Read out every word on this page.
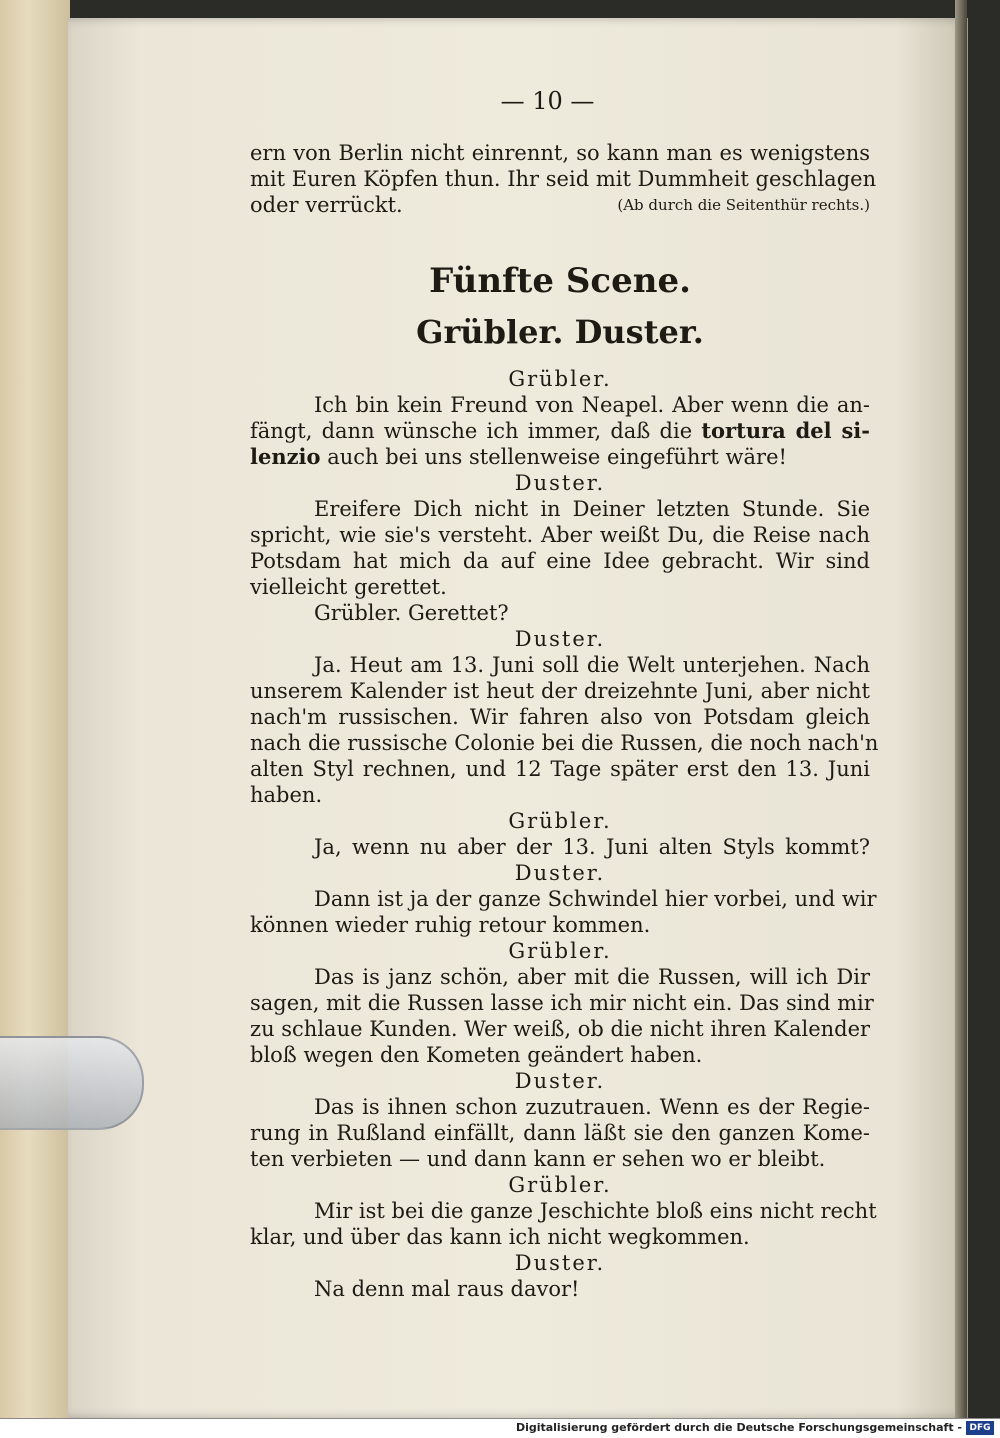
— 10 —
ern von Berlin nicht einrennt, so kann man es wenigstens
mit Euren Köpfen thun. Ihr seid mit Dummheit geschlagen
oder verrückt.	(Ab durch die Seitenthür rechts.)
Fünfte Scene.
Grübler. Duster.
Grübler.
Ich bin kein Freund von Neapel. Aber wenn die an-
fängt, dann wünsche ich immer, daß die tortura del si-
lenzio auch bei uns stellenweise eingeführt wäre!
Duster.
Ereifere Dich nicht in Deiner letzten Stunde. Sie
spricht, wie sie's versteht. Aber weißt Du, die Reise nach
Potsdam hat mich da auf eine Idee gebracht. Wir sind
vielleicht gerettet.
Grübler. Gerettet?
Duster.
Ja. Heut am 13. Juni soll die Welt unterjehen. Nach
unserem Kalender ist heut der dreizehnte Juni, aber nicht
nach'm russischen. Wir fahren also von Potsdam gleich
nach die russische Colonie bei die Russen, die noch nach'n
alten Styl rechnen, und 12 Tage später erst den 13. Juni
haben.
Grübler.
Ja, wenn nu aber der 13. Juni alten Styls kommt?
Duster.
Dann ist ja der ganze Schwindel hier vorbei, und wir
können wieder ruhig retour kommen.
Grübler.
Das is janz schön, aber mit die Russen, will ich Dir
sagen, mit die Russen lasse ich mir nicht ein. Das sind mir
zu schlaue Kunden. Wer weiß, ob die nicht ihren Kalender
bloß wegen den Kometen geändert haben.
Duster.
Das is ihnen schon zuzutrauen. Wenn es der Regie-
rung in Rußland einfällt, dann läßt sie den ganzen Kome-
ten verbieten — und dann kann er sehen wo er bleibt.
Grübler.
Mir ist bei die ganze Jeschichte bloß eins nicht recht
klar, und über das kann ich nicht wegkommen.
Duster.
Na denn mal raus davor!
Digitalisierung gefördert durch die Deutsche Forschungsgemeinschaft - DFG
